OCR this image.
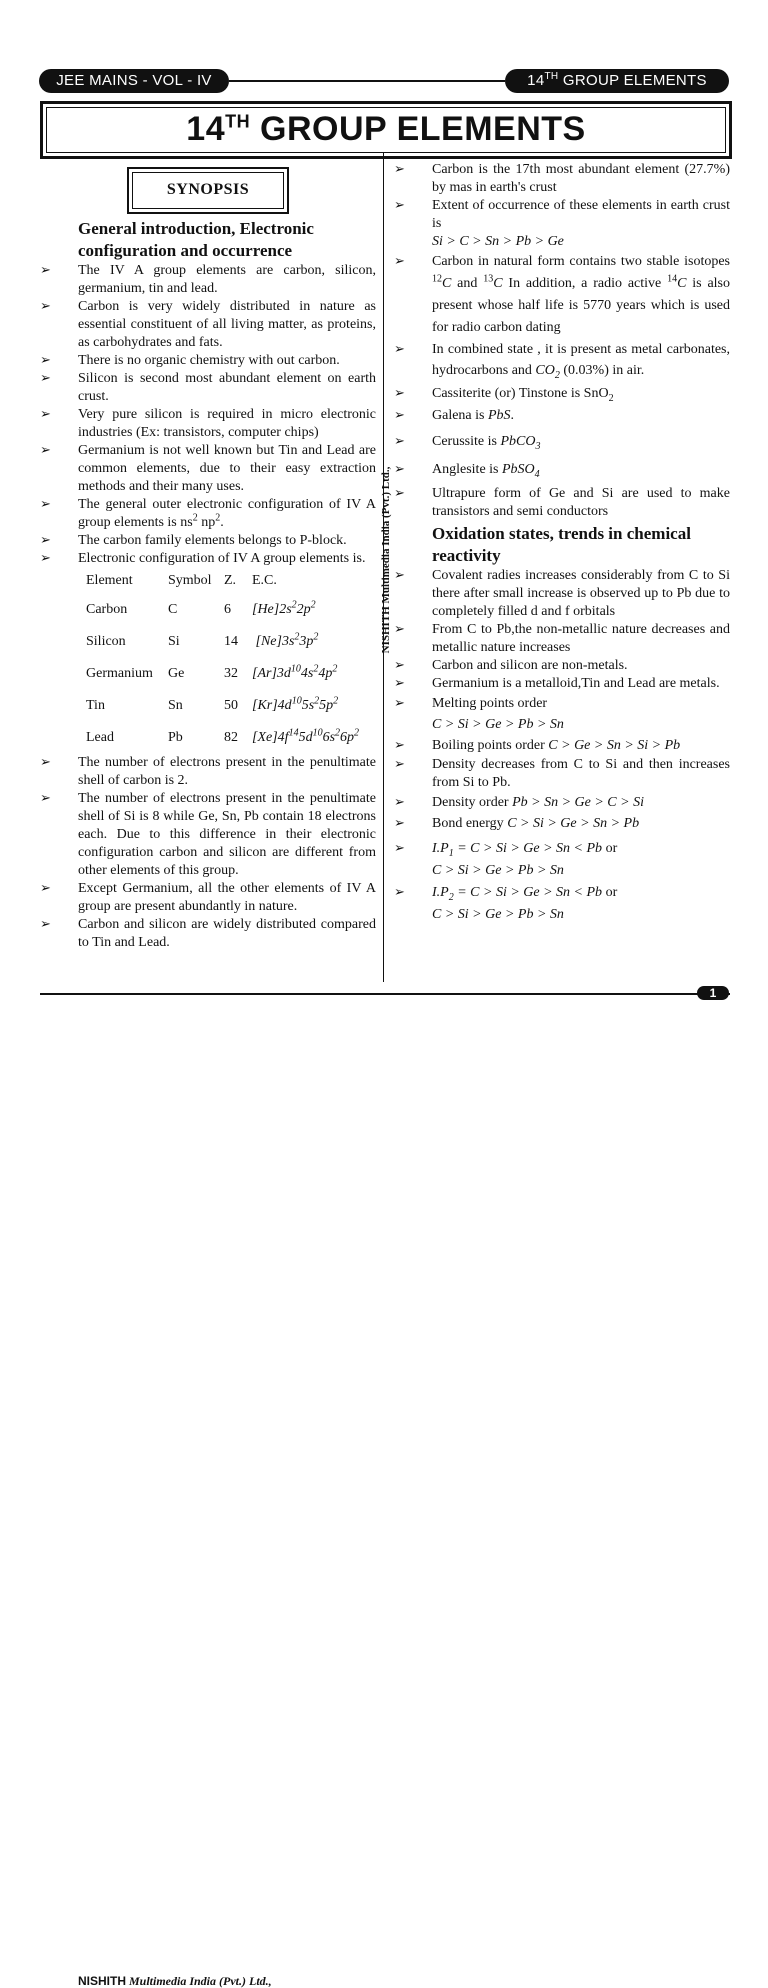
JEE MAINS - VOL - IV	14TH GROUP ELEMENTS
14TH GROUP ELEMENTS
SYNOPSIS
NISHITH Multimedia India (Pvt.) Ltd.,
General introduction, Electronic configuration and occurrence
➢ The IV A group elements are carbon, silicon, germanium, tin and lead.
➢ Carbon is very widely distributed in nature as essential constituent of all living matter, as proteins, as carbohydrates and fats.
➢ There is no organic chemistry with out carbon.
➢ Silicon is second most abundant element on earth crust.
➢ Very pure silicon is required in micro electronic industries (Ex: transistors, computer chips)
➢ Germanium is not well known but Tin and Lead are common elements, due to their easy extraction methods and their many uses.
➢ The general outer electronic configuration of IV A group elements is $ns^2$ $np^2$.
➢ The carbon family elements belongs to P-block.
➢ Electronic configuration of IV A group elements is.
Element	Symbol	Z.	E.C.
Carbon	C	6	$[He]2s^22p^2$
Silicon	Si	14	$[Ne]3s^23p^2$
Germanium	Ge	32	$[Ar]3d^{10}4s^24p^2$
Tin	Sn	50	$[Kr]4d^{10}5s^25p^2$
Lead	Pb	82	$[Xe]4f^{14}5d^{10}6s^26p^2$
➢ The number of electrons present in the penultimate shell of carbon is 2.
➢ The number of electrons present in the penultimate shell of Si is 8 while Ge, Sn, Pb contain 18 electrons each. Due to this difference in their electronic configuration carbon and silicon are different from other elements of this group.
➢ Except Germanium, all the other elements of IV A group are present abundantly in nature.
➢ Carbon and silicon are widely distributed compared to Tin and Lead.
➢ Carbon is the 17th most abundant element (27.7%) by mas in earth's crust
➢ Extent of occurrence of these elements in earth crust is
Si > C > Sn > Pb > Ge
➢ Carbon in natural form contains two stable isotopes $^{12}$C and $^{13}$C In addition, a radio active $^{14}$C is also present whose half life is 5770 years which is used for radio carbon dating
➢ In combined state , it is present as metal carbonates, hydrocarbons and $CO_2$ (0.03%) in air.
➢ Cassiterite (or) Tinstone is SnO$_2$
➢ Galena is PbS.
➢ Cerussite is PbCO$_3$
➢ Anglesite is PbSO$_4$
➢ Ultrapure form of Ge and Si are used to make transistors and semi conductors
Oxidation states, trends in chemical reactivity
➢ Covalent radies increases considerably from C to Si there after small increase is observed up to Pb due to completely filled d and f orbitals
➢ From C to Pb,the non-metallic nature decreases and metallic nature increases
➢ Carbon and silicon are non-metals.
➢ Germanium is a metalloid,Tin and Lead are metals.
➢ Melting points order
C > Si > Ge > Pb > Sn
➢ Boiling points order C > Ge > Sn > Si > Pb
➢ Density decreases from C to Si and then increases from Si to Pb.
➢ Density order Pb > Sn > Ge > C > Si
➢ Bond energy C > Si > Ge > Sn > Pb
➢ $I.P_1 = C > Si > Ge > Sn < Pb$ or
C > Si > Ge > Pb > Sn
➢ $I.P_2 = C > Si > Ge > Sn < Pb$ or
C > Si > Ge > Pb > Sn
NISHITH Multimedia India (Pvt.) Ltd.,
1
